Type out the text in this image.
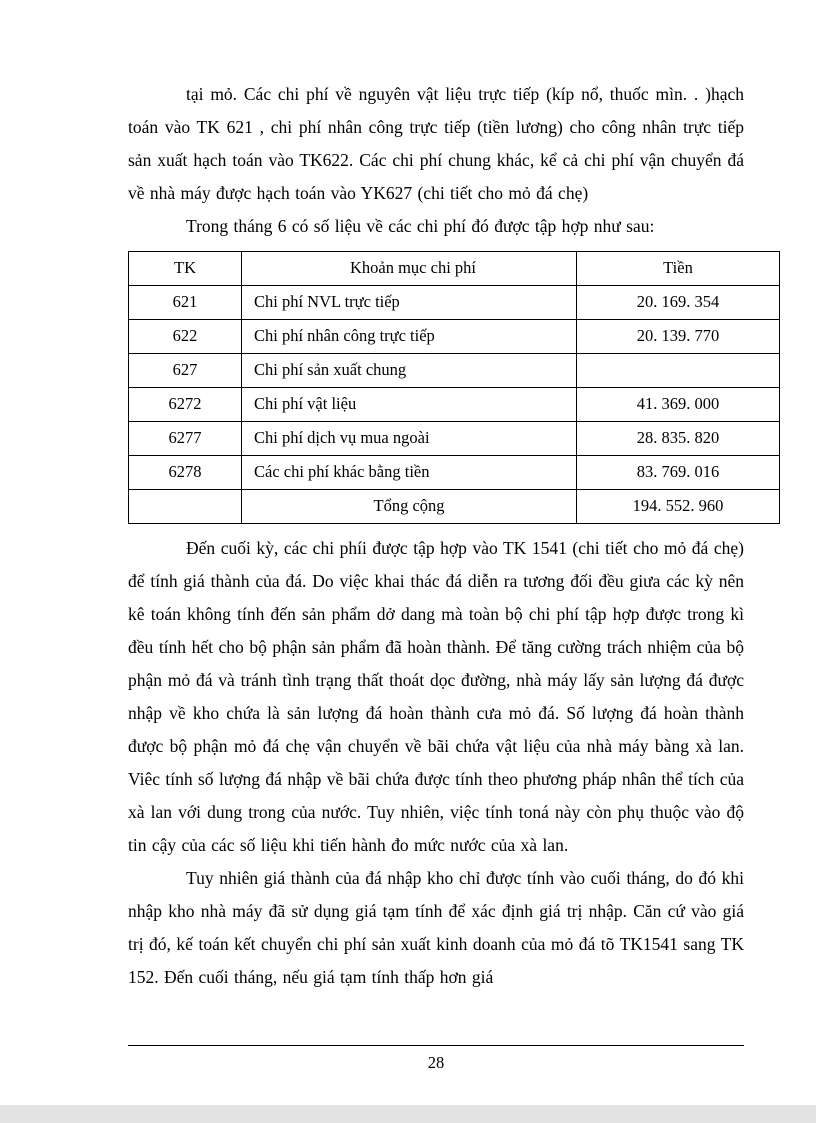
tại mỏ. Các chi phí về nguyên vật liệu trực tiếp (kíp nổ, thuốc mìn. . )hạch toán vào TK 621 , chi phí nhân công trực tiếp (tiền lương) cho công nhân trực tiếp sản xuất hạch toán vào TK622. Các chi phí chung khác, kể cả chi phí vận chuyển đá về nhà máy được hạch toán vào YK627 (chi tiết cho mỏ đá chẹ)

Trong tháng 6 có số liệu về các chi phí đó được tập hợp như sau:

TK	Khoản mục chi phí	Tiền
621	Chi phí NVL trực tiếp	20. 169. 354
622	Chi phí nhân công trực tiếp	20. 139. 770
627	Chi phí sản xuất chung	
6272	Chi phí vật liệu	41. 369. 000
6277	Chi phí dịch vụ mua ngoài	28. 835. 820
6278	Các chi phí khác bằng tiền	83. 769. 016
	Tổng cộng	194. 552. 960

Đến cuối kỳ, các chi phíi được tập hợp vào TK 1541 (chi tiết cho mỏ đá chẹ) để tính giá thành của đá. Do việc khai thác đá diễn ra tương đối đều giưa các kỳ nên kê toán không tính đến sản phẩm dở dang mà toàn bộ chi phí tập hợp được trong kì đều tính hết cho bộ phận sản phẩm đã hoàn thành. Để tăng cường trách nhiệm của bộ phận mỏ đá và tránh tình trạng thất thoát dọc đường, nhà máy lấy sản lượng đá được nhập về kho chứa là sản lượng đá hoàn thành cưa mỏ đá. Số lượng đá hoàn thành được bộ phận mỏ đá chẹ vận chuyển về bãi chứa vật liệu của nhà máy bàng xà lan. Viêc tính số lượng đá nhập về bãi chứa được tính theo phương pháp nhân thể tích của xà lan với dung trong của nước. Tuy nhiên, việc tính toná này còn phụ thuộc vào độ tin cậy của các số liệu khi tiến hành đo mức nước của xà lan.

Tuy nhiên giá thành của đá nhập kho chỉ được tính vào cuối tháng, do đó khi nhập kho nhà máy đã sử dụng giá tạm tính để xác định giá trị nhập. Căn cứ vào giá trị đó, kế toán kết chuyển chi phí sản xuất kinh doanh của mỏ đá tõ TK1541 sang TK 152. Đến cuối tháng, nếu giá tạm tính thấp hơn giá

28
